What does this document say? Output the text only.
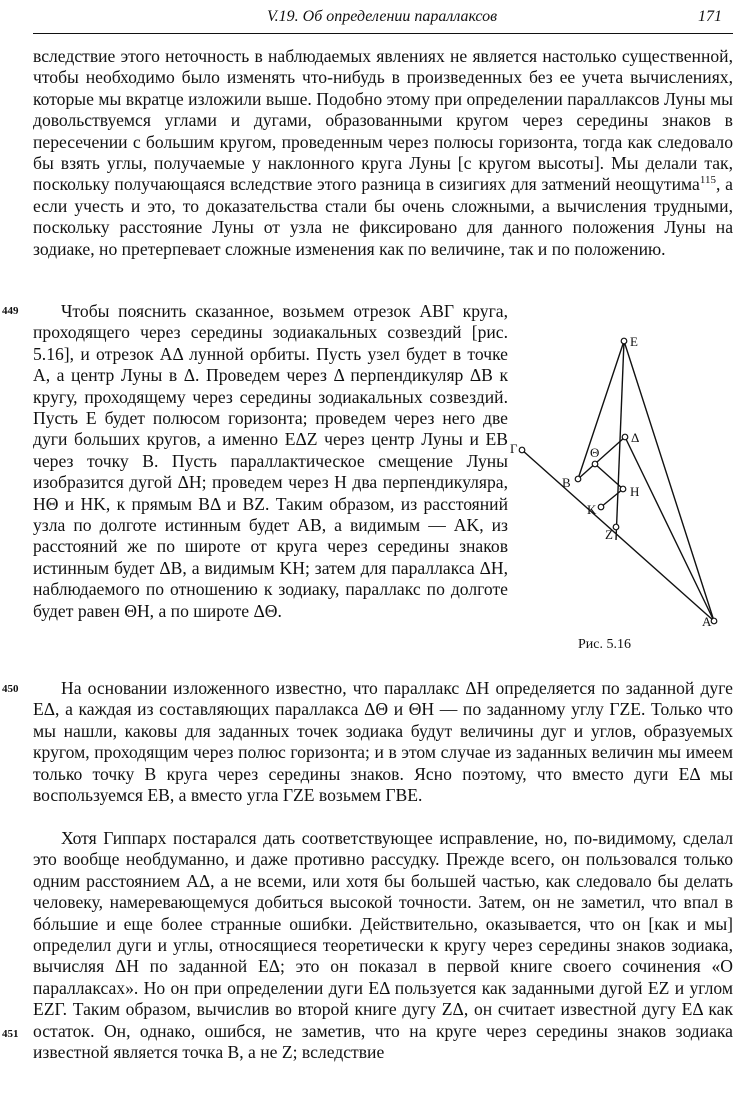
V.19. Об определении параллаксов	171
449
450
451

вследствие этого неточность в наблюдаемых явлениях не является настолько существенной, чтобы необходимо было изменять что-нибудь в произведенных без ее учета вычислениях, которые мы вкратце изложили выше. Подобно этому при определении параллаксов Луны мы довольствуемся углами и дугами, образованными кругом через середины знаков в пересечении с большим кругом, проведенным через полюсы горизонта, тогда как следовало бы взять углы, получаемые у наклонного круга Луны [с кругом высоты]. Мы делали так, поскольку получающаяся вследствие этого разница в сизигиях для затмений неощутима$^{115}$, а если учесть и это, то доказательства стали бы очень сложными, а вычисления трудными, поскольку расстояние Луны от узла не фиксировано для данного положения Луны на зодиаке, но претерпевает сложные изменения как по величине, так и по положению.

Чтобы пояснить сказанное, возьмем отрезок АВГ круга, проходящего через середины зодиакальных созвездий [рис. 5.16], и отрезок АΔ лунной орбиты. Пусть узел будет в точке А, а центр Луны в Δ. Проведем через Δ перпендикуляр ΔB к кругу, проходящему через середины зодиакальных созвездий. Пусть E будет полюсом горизонта; проведем через него две дуги больших кругов, а именно EΔZ через центр Луны и EB через точку B. Пусть параллактическое смещение Луны изобразится дугой ΔH; проведем через H два перпендикуляра, HΘ и HK, к прямым BΔ и BZ. Таким образом, из расстояний узла по долготе истинным будет AB, а видимым — AK, из расстояний же по широте от круга через середины знаков истинным будет ΔB, а видимым KH; затем для параллакса ΔH, наблюдаемого по отношению к зодиаку, параллакс по долготе будет равен ΘH, а по широте ΔΘ.

E
Г	Θ
Δ
B
H
K
Z
A
Рис. 5.16

На основании изложенного известно, что параллакс ΔH определяется по заданной дуге EΔ, а каждая из составляющих параллакса ΔΘ и ΘH — по заданному углу ГZE. Только что мы нашли, каковы для заданных точек зодиака будут величины дуг и углов, образуемых кругом, проходящим через полюс горизонта; и в этом случае из заданных величин мы имеем только точку B круга через середины знаков. Ясно поэтому, что вместо дуги EΔ мы воспользуемся EB, а вместо угла ГZE возьмем ГBE.

Хотя Гиппарх постарался дать соответствующее исправление, но, по-видимому, сделал это вообще необдуманно, и даже противно рассудку. Прежде всего, он пользовался только одним расстоянием AΔ, а не всеми, или хотя бы большей частью, как следовало бы делать человеку, намеревающемуся добиться высокой точности. Затем, он не заметил, что впал в бóльшие и еще более странные ошибки. Действительно, оказывается, что он [как и мы] определил дуги и углы, относящиеся теоретически к кругу через середины знаков зодиака, вычисляя ΔH по заданной EΔ; это он показал в первой книге своего сочинения «О параллаксах». Но он при определении дуги EΔ пользуется как заданными дугой EZ и углом EZГ. Таким образом, вычислив во второй книге дугу ZΔ, он считает известной дугу EΔ как остаток. Он, однако, ошибся, не заметив, что на круге через середины знаков зодиака известной является точка B, а не Z; вследствие
